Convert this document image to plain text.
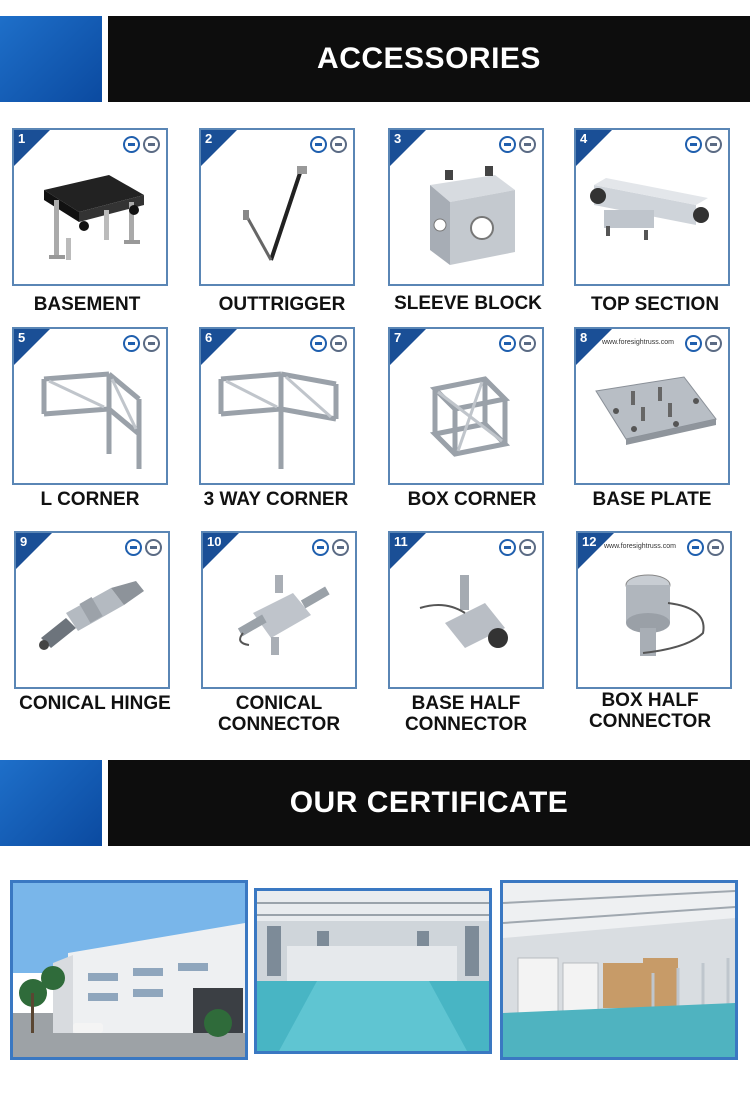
ACCESSORIES
1	2	3	4
BASEMENT	OUTTRIGGER	SLEEVE BLOCK	TOP SECTION
5	6	7	8 www.foresightruss.com
L CORNER	3 WAY CORNER	BOX CORNER	BASE PLATE
9	10	11	12 www.foresightruss.com
CONICAL HINGE	CONICAL
CONNECTOR
BASE HALF
CONNECTOR
BOX HALF
CONNECTOR
OUR CERTIFICATE
